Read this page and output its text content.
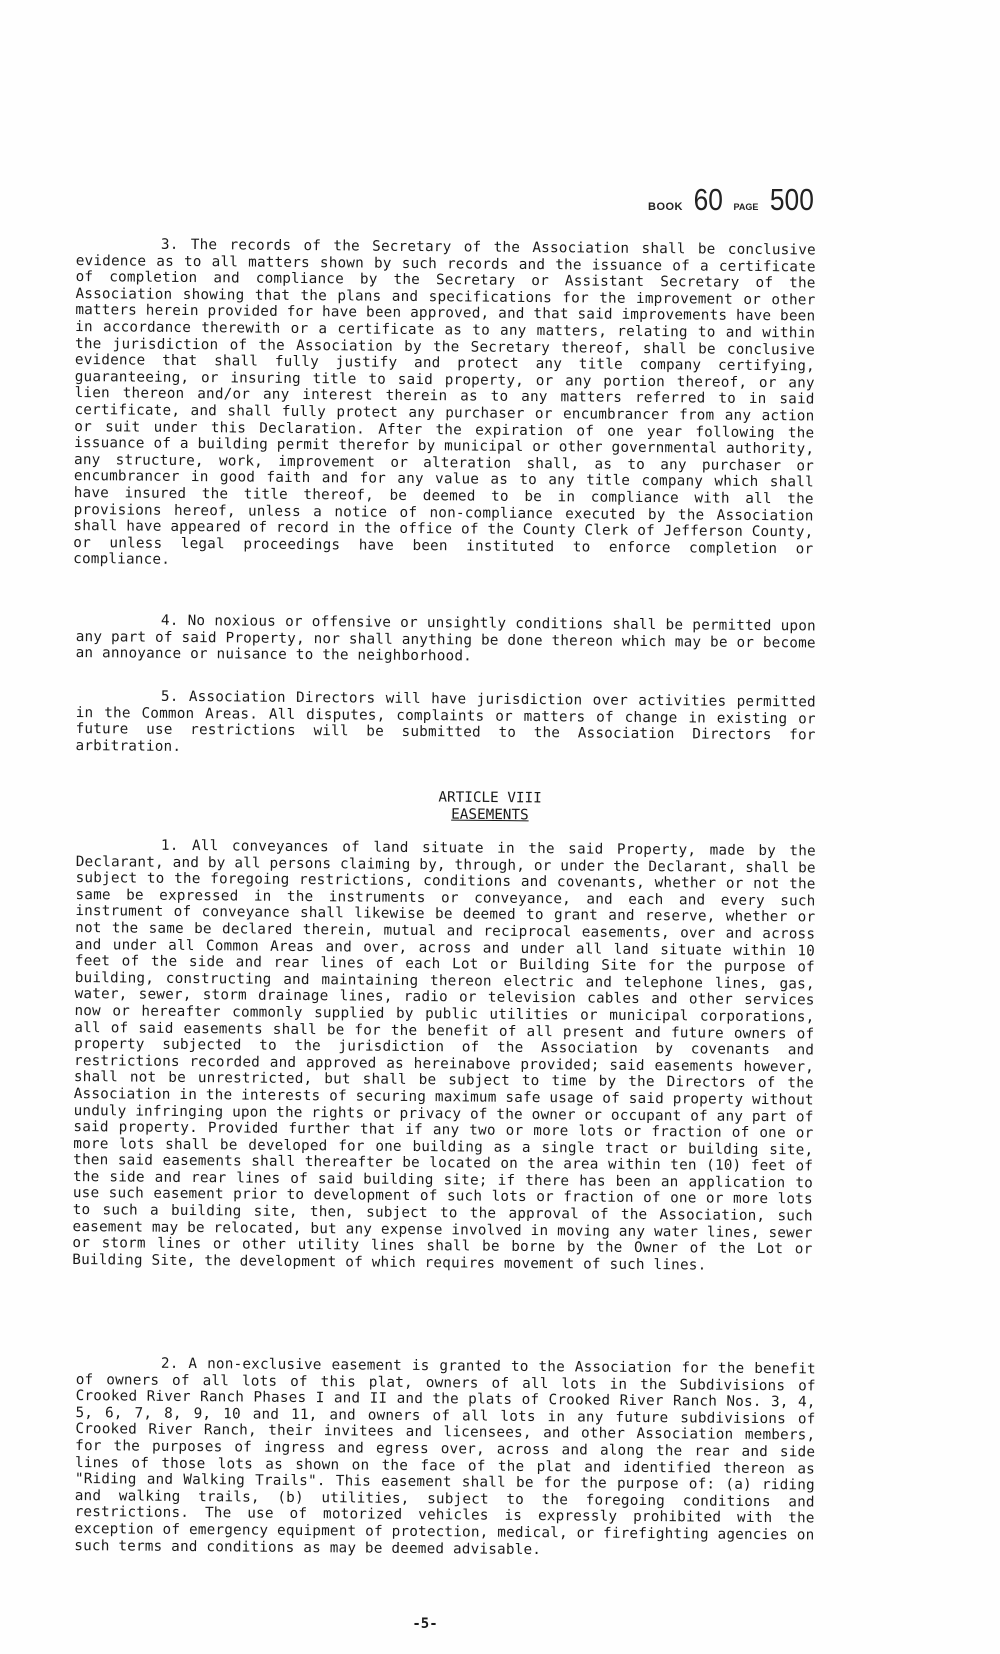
BOOK 60 PAGE 500

3. The records of the Secretary of the Association shall be conclusive evidence as to all matters shown by such records and the issuance of a certificate of completion and compliance by the Secretary or Assistant Secretary of the Association showing that the plans and specifications for the improvement or other matters herein provided for have been approved, and that said improvements have been in accordance therewith or a certificate as to any matters, relating to and within the jurisdiction of the Association by the Secretary thereof, shall be conclusive evidence that shall fully justify and protect any title company certifying, guaranteeing, or insuring title to said property, or any portion thereof, or any lien thereon and/or any interest therein as to any matters referred to in said certificate, and shall fully protect any purchaser or encumbrancer from any action or suit under this Declaration. After the expiration of one year following the issuance of a building permit therefor by municipal or other governmental authority, any structure, work, improvement or alteration shall, as to any purchaser or encumbrancer in good faith and for any value as to any title company which shall have insured the title thereof, be deemed to be in compliance with all the provisions hereof, unless a notice of non-compliance executed by the Association shall have appeared of record in the office of the County Clerk of Jefferson County, or unless legal proceedings have been instituted to enforce completion or compliance.

4. No noxious or offensive or unsightly conditions shall be permitted upon any part of said Property, nor shall anything be done thereon which may be or become an annoyance or nuisance to the neighborhood.

5. Association Directors will have jurisdiction over activities permitted in the Common Areas. All disputes, complaints or matters of change in existing or future use restrictions will be submitted to the Association Directors for arbitration.

ARTICLE VIII
EASEMENTS

1. All conveyances of land situate in the said Property, made by the Declarant, and by all persons claiming by, through, or under the Declarant, shall be subject to the foregoing restrictions, conditions and covenants, whether or not the same be expressed in the instruments or conveyance, and each and every such instrument of conveyance shall likewise be deemed to grant and reserve, whether or not the same be declared therein, mutual and reciprocal easements, over and across and under all Common Areas and over, across and under all land situate within 10 feet of the side and rear lines of each Lot or Building Site for the purpose of building, constructing and maintaining thereon electric and telephone lines, gas, water, sewer, storm drainage lines, radio or television cables and other services now or hereafter commonly supplied by public utilities or municipal corporations, all of said easements shall be for the benefit of all present and future owners of property subjected to the jurisdiction of the Association by covenants and restrictions recorded and approved as hereinabove provided; said easements however, shall not be unrestricted, but shall be subject to time by the Directors of the Association in the interests of securing maximum safe usage of said property without unduly infringing upon the rights or privacy of the owner or occupant of any part of said property. Provided further that if any two or more lots or fraction of one or more lots shall be developed for one building as a single tract or building site, then said easements shall thereafter be located on the area within ten (10) feet of the side and rear lines of said building site; if there has been an application to use such easement prior to development of such lots or fraction of one or more lots to such a building site, then, subject to the approval of the Association, such easement may be relocated, but any expense involved in moving any water lines, sewer or storm lines or other utility lines shall be borne by the Owner of the Lot or Building Site, the development of which requires movement of such lines.

2. A non-exclusive easement is granted to the Association for the benefit of owners of all lots of this plat, owners of all lots in the Subdivisions of Crooked River Ranch Phases I and II and the plats of Crooked River Ranch Nos. 3, 4, 5, 6, 7, 8, 9, 10 and 11, and owners of all lots in any future subdivisions of Crooked River Ranch, their invitees and licensees, and other Association members, for the purposes of ingress and egress over, across and along the rear and side lines of those lots as shown on the face of the plat and identified thereon as "Riding and Walking Trails". This easement shall be for the purpose of: (a) riding and walking trails, (b) utilities, subject to the foregoing conditions and restrictions. The use of motorized vehicles is expressly prohibited with the exception of emergency equipment of protection, medical, or firefighting agencies on such terms and conditions as may be deemed advisable.

-5-
